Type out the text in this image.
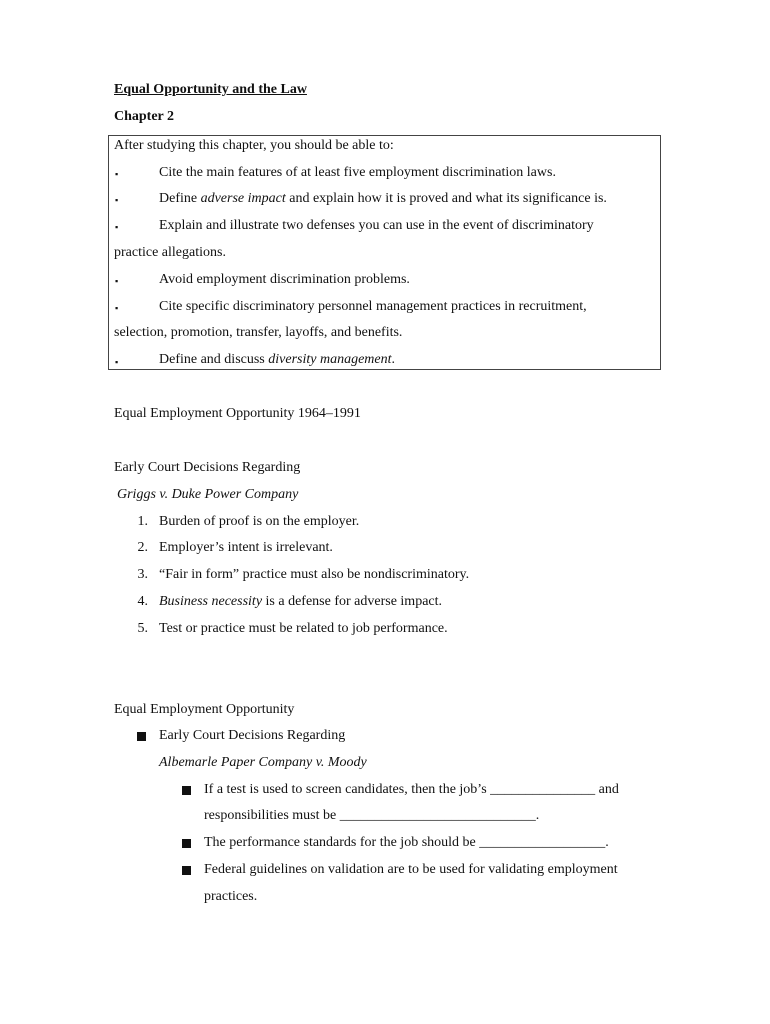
Equal Opportunity and the Law
Chapter 2
After studying this chapter, you should be able to:
▪	Cite the main features of at least five employment discrimination laws.
▪	Define adverse impact and explain how it is proved and what its significance is.
▪	Explain and illustrate two defenses you can use in the event of discriminatory
practice allegations.
▪	Avoid employment discrimination problems.
▪	Cite specific discriminatory personnel management practices in recruitment,
selection, promotion, transfer, layoffs, and benefits.
▪	Define and discuss diversity management.
Equal Employment Opportunity 1964–1991
Early Court Decisions Regarding
Griggs v. Duke Power Company
1. Burden of proof is on the employer.
2. Employer’s intent is irrelevant.
3. “Fair in form” practice must also be nondiscriminatory.
4. Business necessity is a defense for adverse impact.
5. Test or practice must be related to job performance.
Equal Employment Opportunity
Early Court Decisions Regarding
Albemarle Paper Company v. Moody
If a test is used to screen candidates, then the job’s _______________ and
responsibilities must be ____________________________.
The performance standards for the job should be __________________.
Federal guidelines on validation are to be used for validating employment
practices.
